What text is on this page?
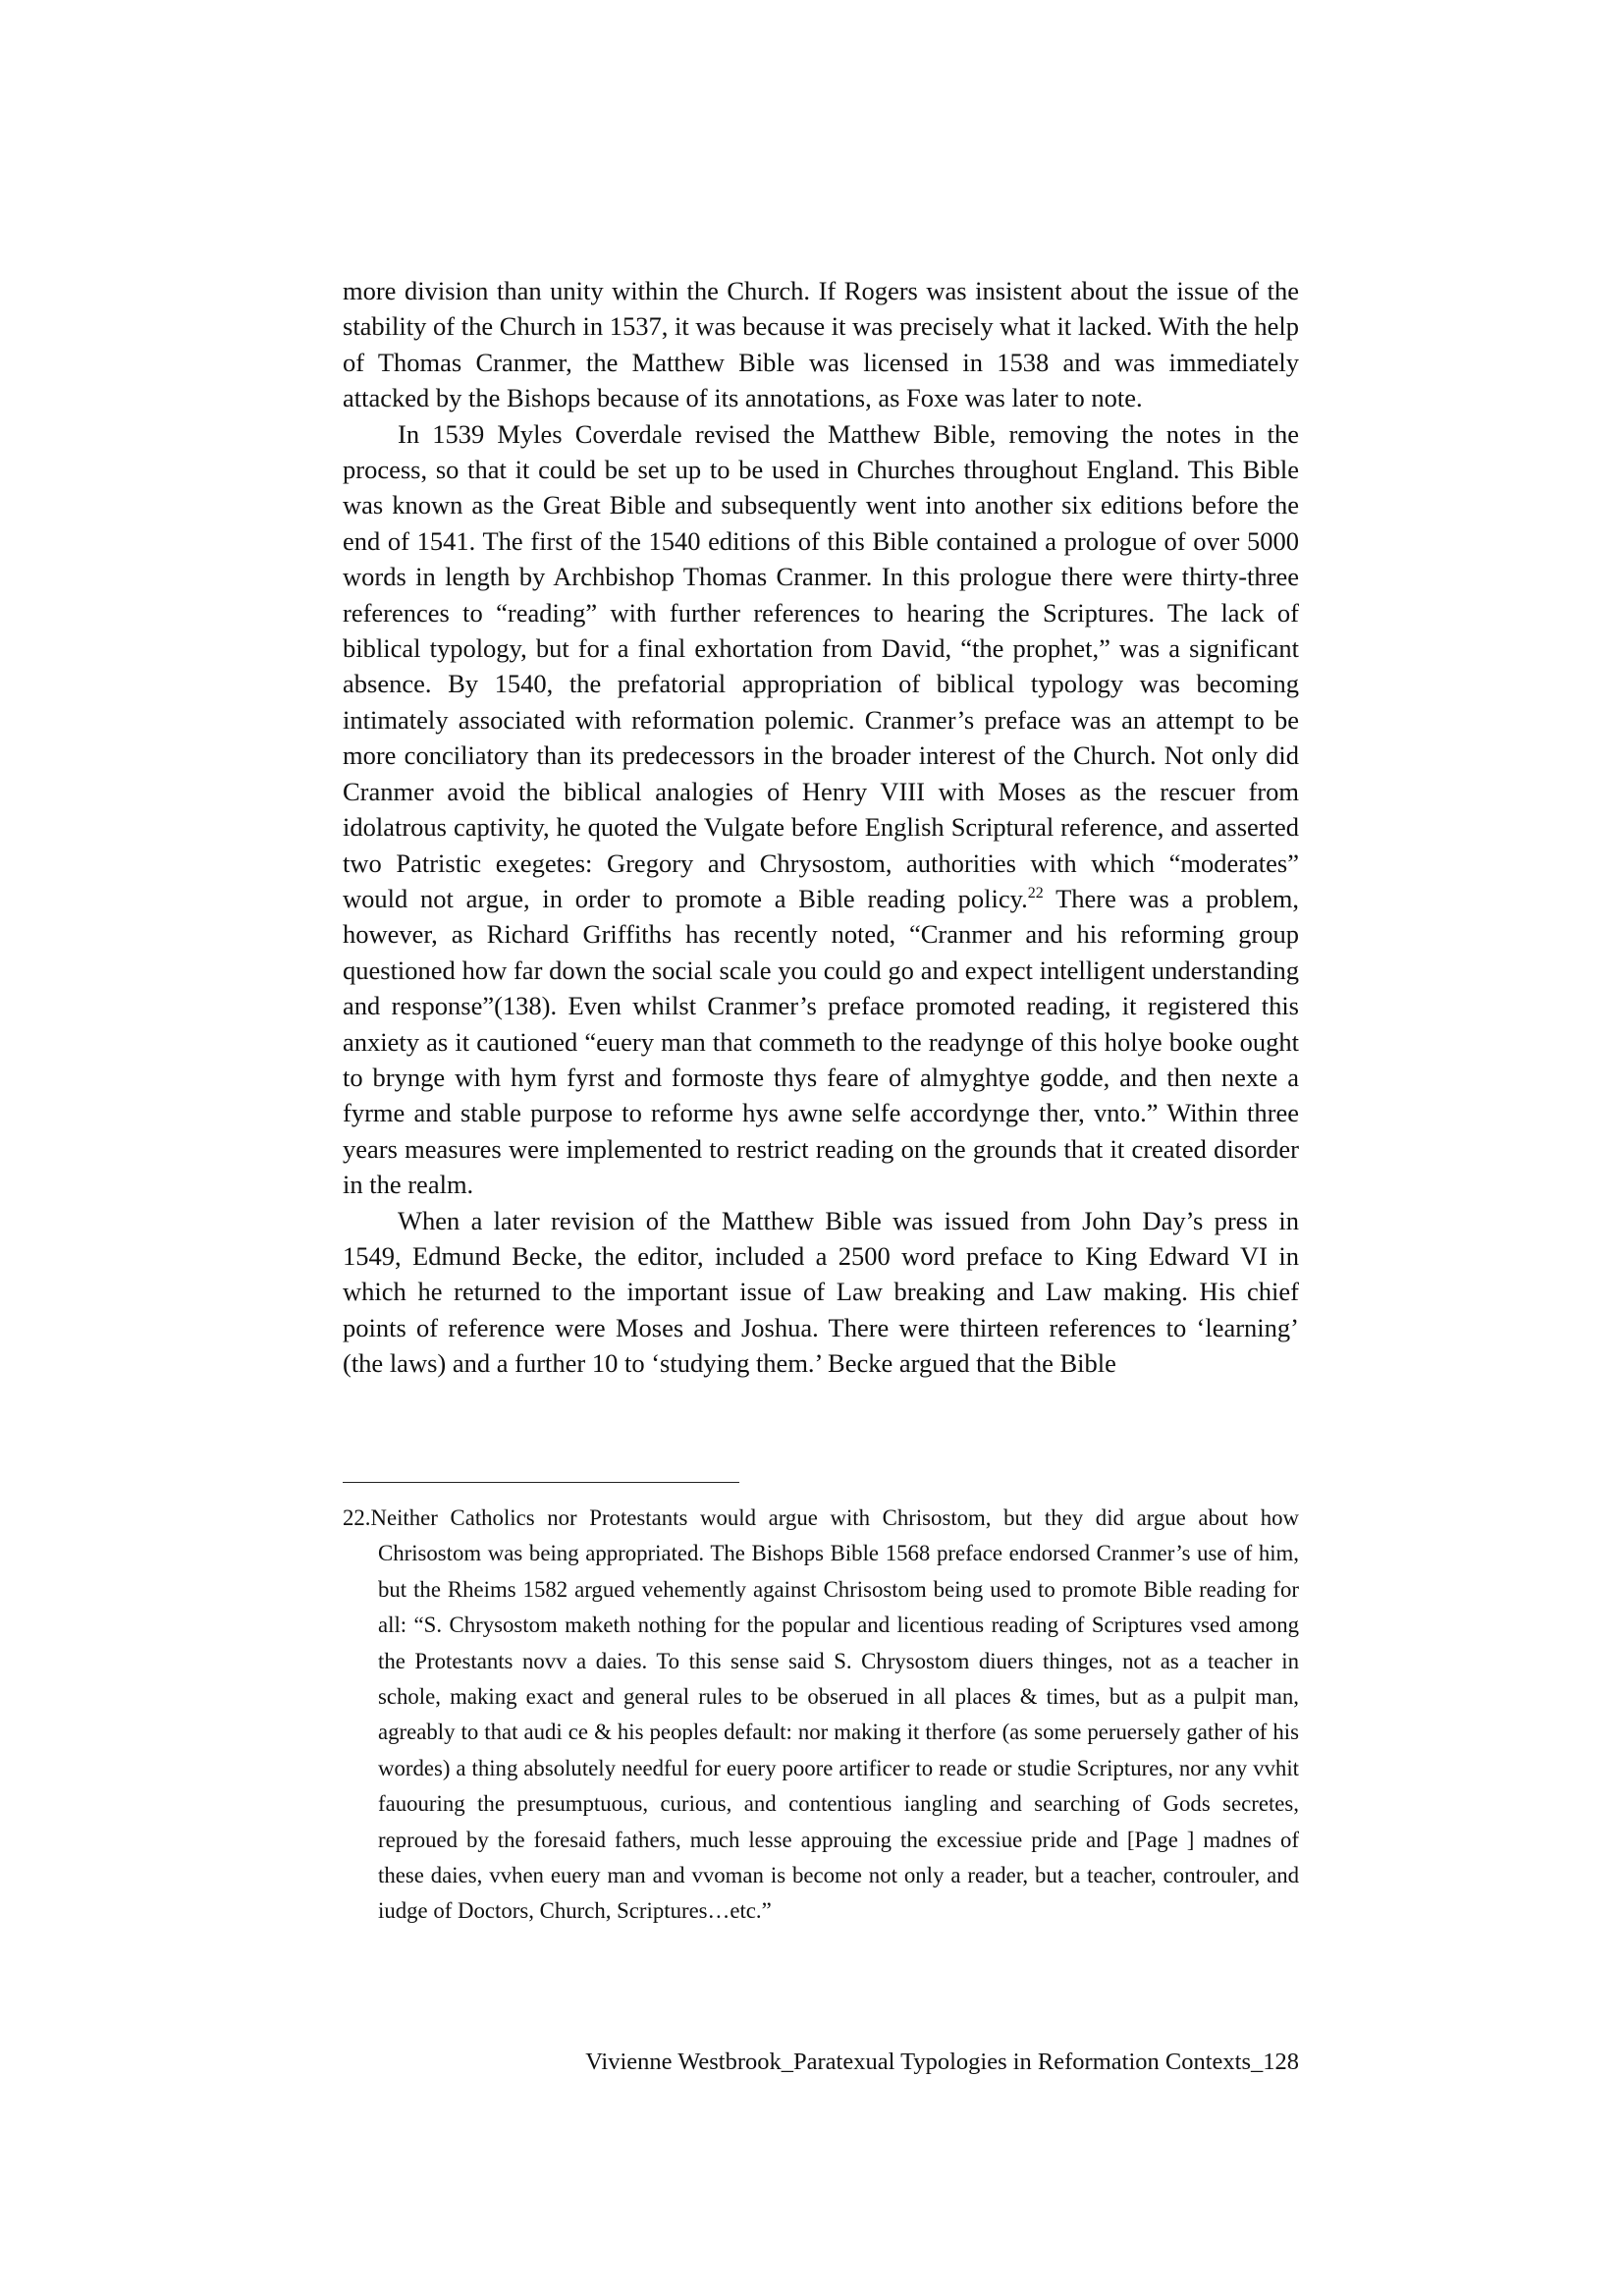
more division than unity within the Church. If Rogers was insistent about the issue of the stability of the Church in 1537, it was because it was precisely what it lacked. With the help of Thomas Cranmer, the Matthew Bible was licensed in 1538 and was immediately attacked by the Bishops because of its annotations, as Foxe was later to note.

In 1539 Myles Coverdale revised the Matthew Bible, removing the notes in the process, so that it could be set up to be used in Churches throughout England. This Bible was known as the Great Bible and subsequently went into another six editions before the end of 1541. The first of the 1540 editions of this Bible contained a prologue of over 5000 words in length by Archbishop Thomas Cranmer. In this prologue there were thirty-three references to “reading” with further references to hearing the Scriptures. The lack of biblical typology, but for a final exhortation from David, “the prophet,” was a significant absence. By 1540, the prefatorial appropriation of biblical typology was becoming intimately associated with reformation polemic. Cranmer’s preface was an attempt to be more conciliatory than its predecessors in the broader interest of the Church. Not only did Cranmer avoid the biblical analogies of Henry VIII with Moses as the rescuer from idolatrous captivity, he quoted the Vulgate before English Scriptural reference, and asserted two Patristic exegetes: Gregory and Chrysostom, authorities with which “moderates” would not argue, in order to promote a Bible reading policy.$^{22}$ There was a problem, however, as Richard Griffiths has recently noted, “Cranmer and his reforming group questioned how far down the social scale you could go and expect intelligent understanding and response”(138). Even whilst Cranmer’s preface promoted reading, it registered this anxiety as it cautioned “euery man that commeth to the readynge of this holye booke ought to brynge with hym fyrst and formoste thys feare of almyghtye godde, and then nexte a fyrme and stable purpose to reforme hys awne selfe accordynge ther, vnto.” Within three years measures were implemented to restrict reading on the grounds that it created disorder in the realm.

When a later revision of the Matthew Bible was issued from John Day’s press in 1549, Edmund Becke, the editor, included a 2500 word preface to King Edward VI in which he returned to the important issue of Law breaking and Law making. His chief points of reference were Moses and Joshua. There were thirteen references to ‘learning’ (the laws) and a further 10 to ‘studying them.’ Becke argued that the Bible

22.Neither Catholics nor Protestants would argue with Chrisostom, but they did argue about how Chrisostom was being appropriated. The Bishops Bible 1568 preface endorsed Cranmer’s use of him, but the Rheims 1582 argued vehemently against Chrisostom being used to promote Bible reading for all: “S. Chrysostom maketh nothing for the popular and licentious reading of Scriptures vsed among the Protestants novv a daies. To this sense said S. Chrysostom diuers thinges, not as a teacher in schole, making exact and general rules to be obserued in all places & times, but as a pulpit man, agreably to that audi ce & his peoples default: nor making it therfore (as some peruersely gather of his wordes) a thing absolutely needful for euery poore artificer to reade or studie Scriptures, nor any vvhit fauouring the presumptuous, curious, and contentious iangling and searching of Gods secretes, reproued by the foresaid fathers, much lesse approuing the excessiue pride and [Page ] madnes of these daies, vvhen euery man and vvoman is become not only a reader, but a teacher, controuler, and iudge of Doctors, Church, Scriptures…etc.”

Vivienne Westbrook_Paratexual Typologies in Reformation Contexts_128
